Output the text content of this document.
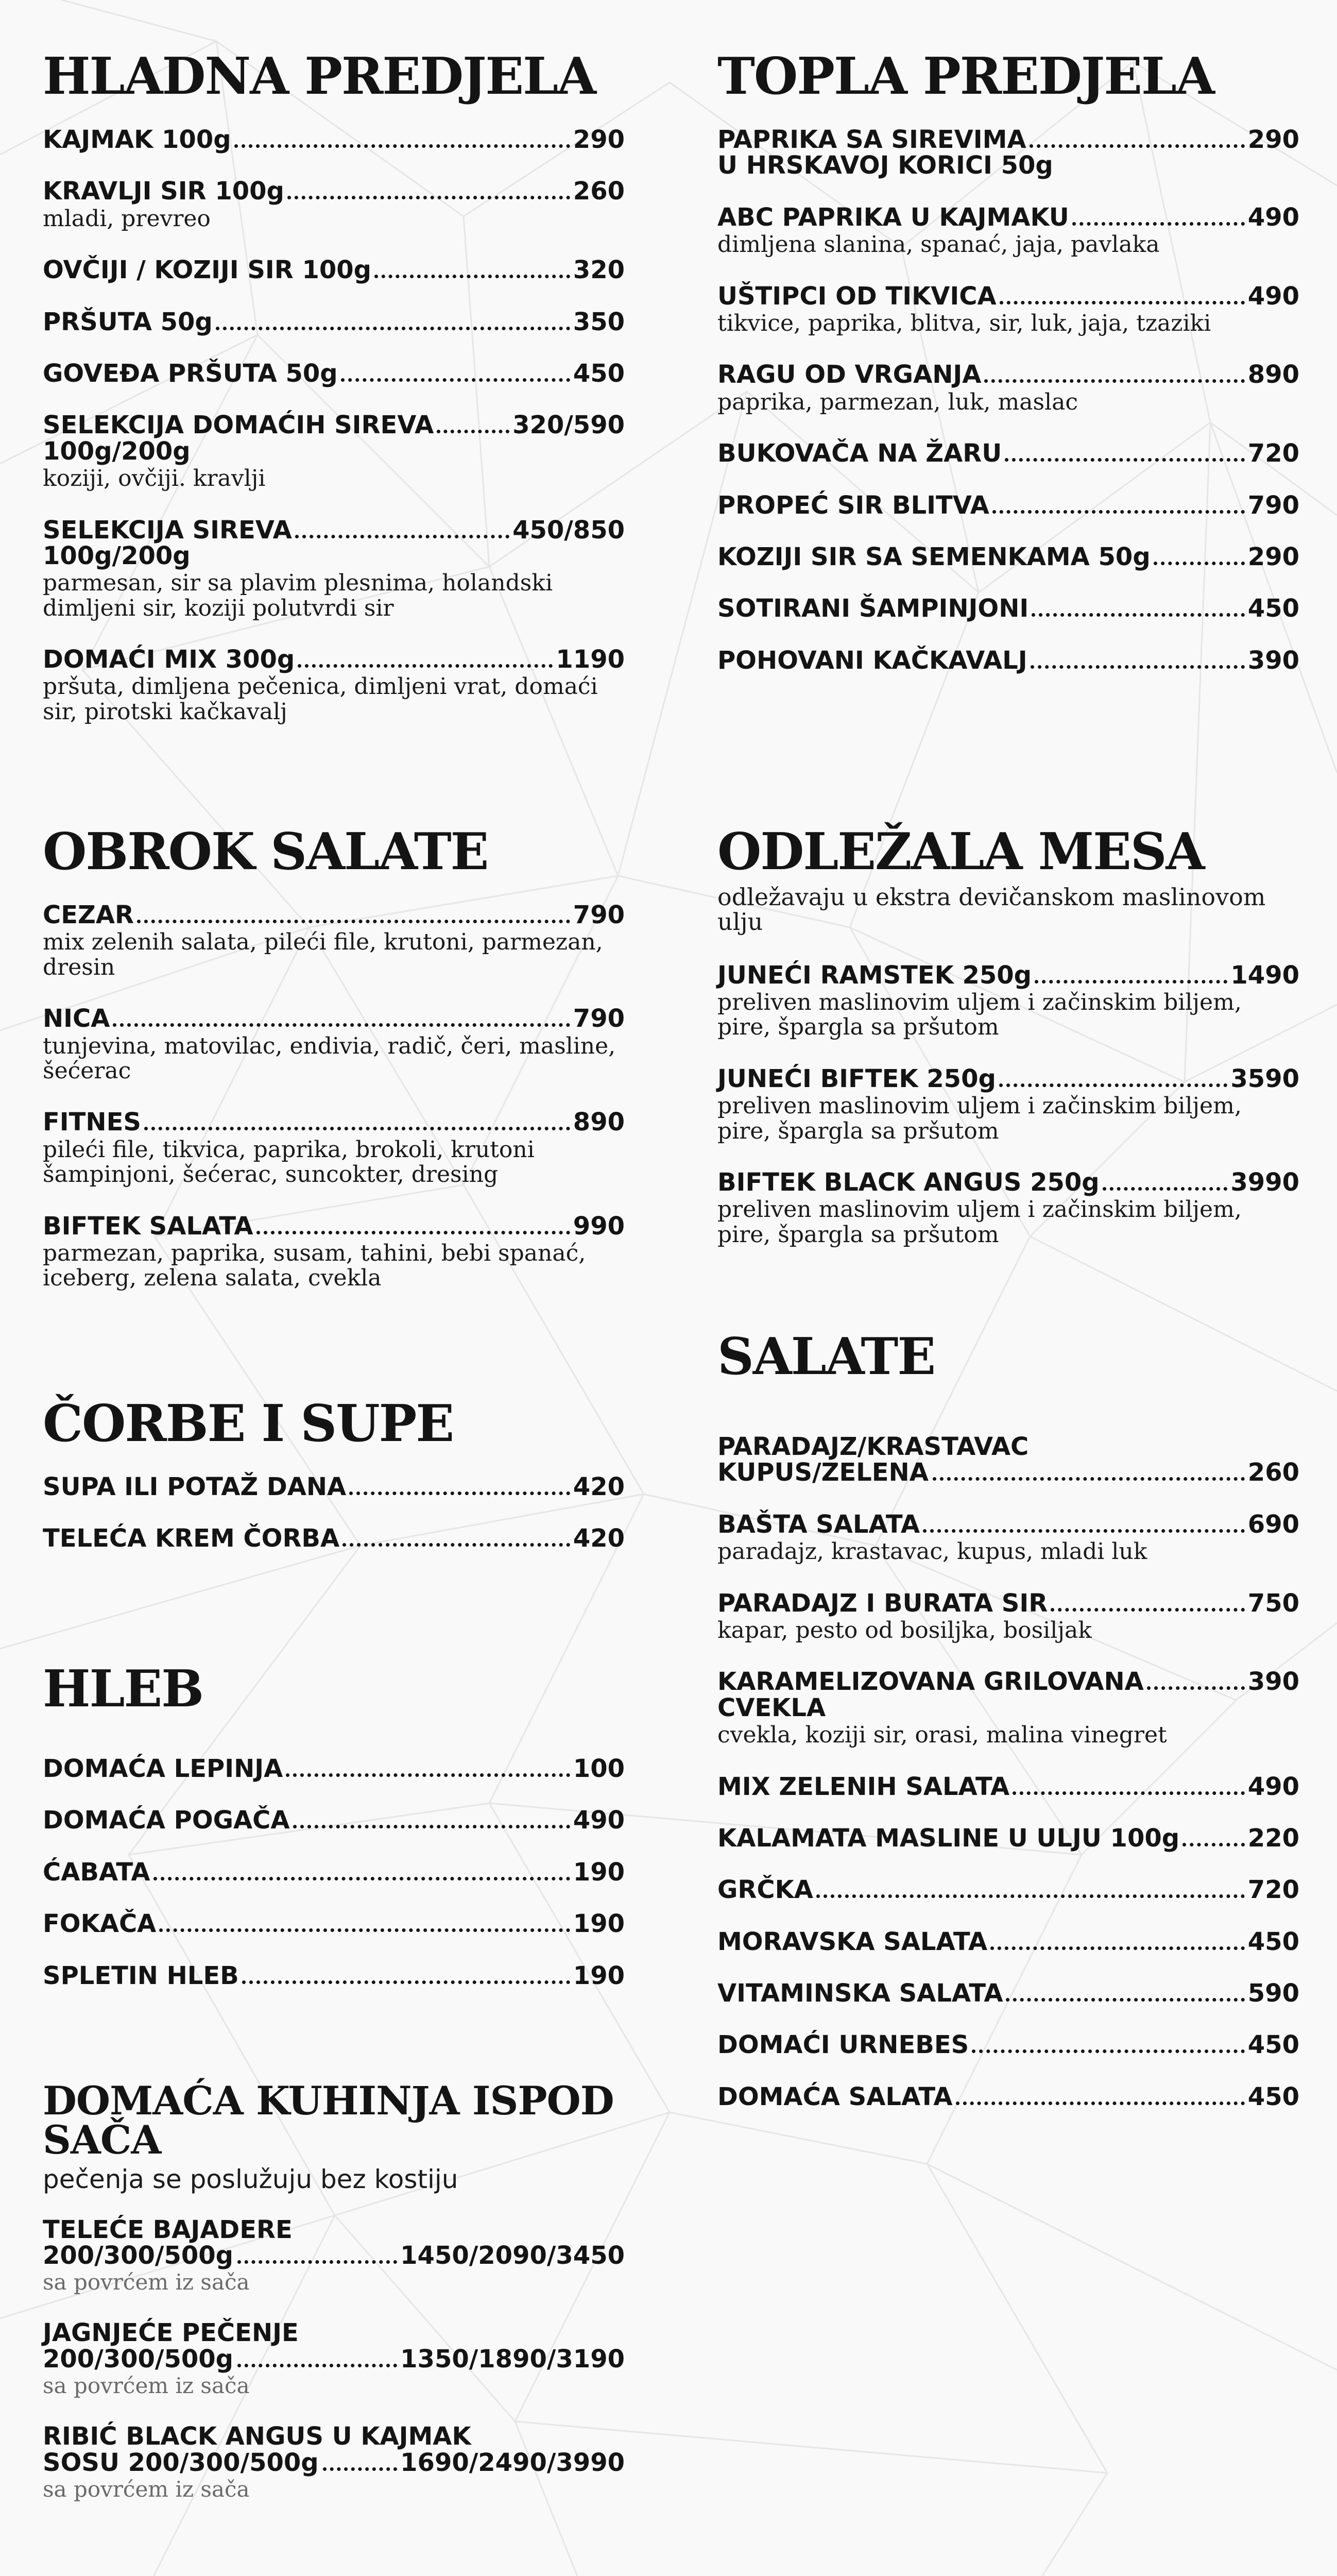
HLADNA PREDJELA
KAJMAK 100g	290
KRAVLJI SIR 100g	260
mladi, prevreo
OVČIJI / KOZIJI SIR 100g	320
PRŠUTA 50g	350
GOVEĐA PRŠUTA 50g	450
SELEKCIJA DOMAĆIH SIREVA	320/590
100g/200g
koziji, ovčiji. kravlji
SELEKCIJA SIREVA	450/850
100g/200g
parmesan, sir sa plavim plesnima, holandski dimljeni sir, koziji polutvrdi sir
DOMAĆI MIX 300g	1190
pršuta, dimljena pečenica, dimljeni vrat, domaći sir, pirotski kačkavalj
TOPLA PREDJELA
PAPRIKA SA SIREVIMA	290
U HRSKAVOJ KORICI 50g
ABC PAPRIKA U KAJMAKU	490
dimljena slanina, spanać, jaja, pavlaka
UŠTIPCI OD TIKVICA	490
tikvice, paprika, blitva, sir, luk, jaja, tzaziki
RAGU OD VRGANJA	890
paprika, parmezan, luk, maslac
BUKOVAČA NA ŽARU	720
PROPEĆ SIR BLITVA	790
KOZIJI SIR SA SEMENKAMA 50g	290
SOTIRANI ŠAMPINJONI	450
POHOVANI KAČKAVALJ	390
OBROK SALATE
CEZAR	790
mix zelenih salata, pileći file, krutoni, parmezan, dresin
NICA	790
tunjevina, matovilac, endivia, radič, čeri, masline, šećerac
FITNES	890
pileći file, tikvica, paprika, brokoli, krutoni šampinjoni, šećerac, suncokter, dresing
BIFTEK SALATA	990
parmezan, paprika, susam, tahini, bebi spanać, iceberg, zelena salata, cvekla
ODLEŽALA MESA
odležavaju u ekstra devičanskom maslinovom ulju
JUNEĆI RAMSTEK 250g	1490
preliven maslinovim uljem i začinskim biljem, pire, špargla sa pršutom
JUNEĆI BIFTEK 250g	3590
preliven maslinovim uljem i začinskim biljem, pire, špargla sa pršutom
BIFTEK BLACK ANGUS 250g	3990
preliven maslinovim uljem i začinskim biljem, pire, špargla sa pršutom
ČORBE I SUPE
SUPA ILI POTAŽ DANA	420
TELEĆA KREM ČORBA	420
SALATE
PARADAJZ/KRASTAVAC
KUPUS/ZELENA	260
BAŠTA SALATA	690
paradajz, krastavac, kupus, mladi luk
PARADAJZ I BURATA SIR	750
kapar, pesto od bosiljka, bosiljak
KARAMELIZOVANA GRILOVANA	390
CVEKLA
cvekla, koziji sir, orasi, malina vinegret
MIX ZELENIH SALATA	490
KALAMATA MASLINE U ULJU 100g	220
GRČKA	720
MORAVSKA SALATA	450
VITAMINSKA SALATA	590
DOMAĆI URNEBES	450
DOMAĆA SALATA	450
HLEB
DOMAĆA LEPINJA	100
DOMAĆA POGAČA	490
ĆABATA	190
FOKAČA	190
SPLETIN HLEB	190
DOMAĆA KUHINJA ISPOD SAČA
pečenja se poslužuju bez kostiju
TELEĆE BAJADERE
200/300/500g	1450/2090/3450
sa povrćem iz sača
JAGNJEĆE PEČENJE
200/300/500g	1350/1890/3190
sa povrćem iz sača
RIBIĆ BLACK ANGUS U KAJMAK
SOSU 200/300/500g	1690/2490/3990
sa povrćem iz sača
